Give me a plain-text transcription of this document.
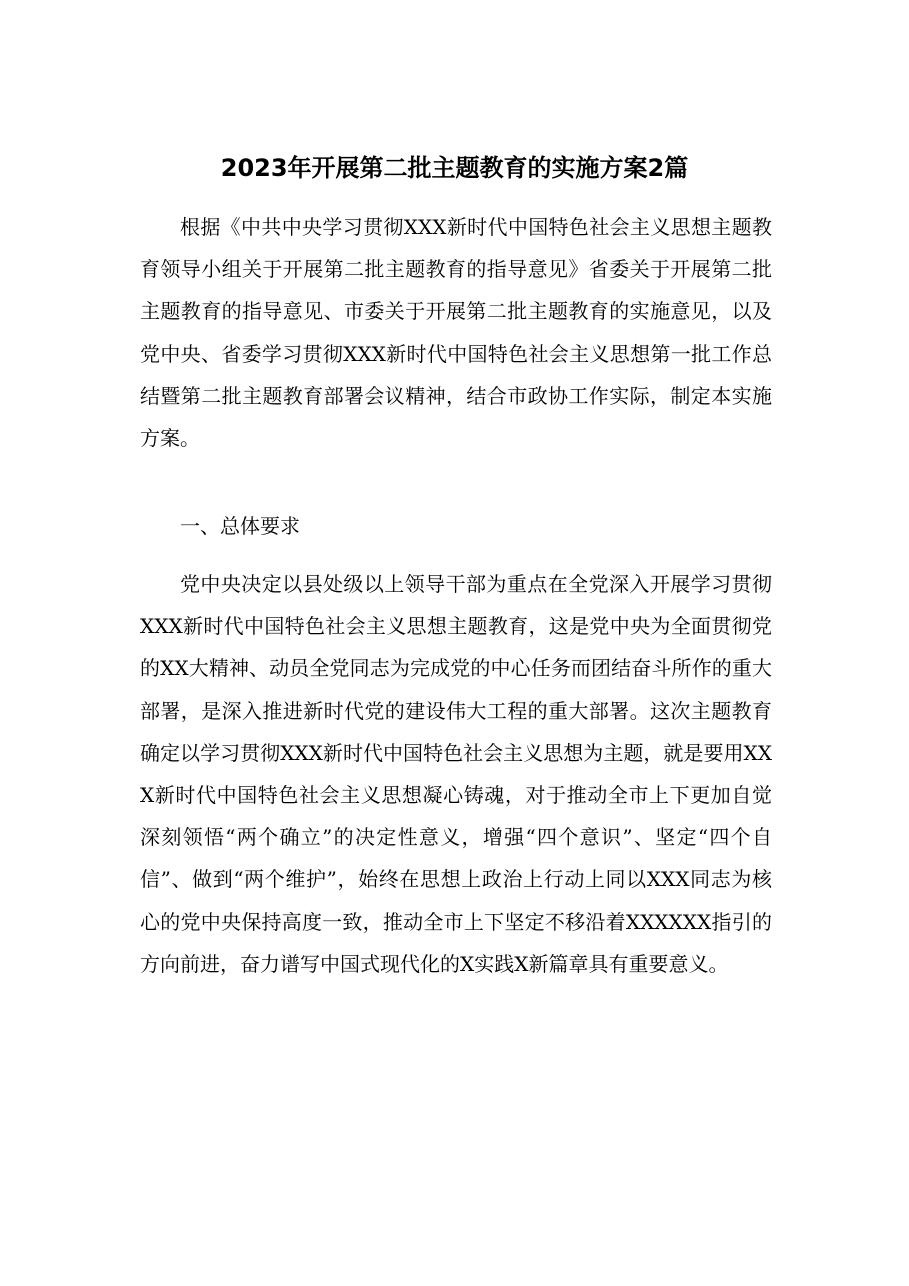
2023年开展第二批主题教育的实施方案2篇

根据《中共中央学习贯彻XXX新时代中国特色社会主义思想主题教育领导小组关于开展第二批主题教育的指导意见》省委关于开展第二批主题教育的指导意见、市委关于开展第二批主题教育的实施意见，以及党中央、省委学习贯彻XXX新时代中国特色社会主义思想第一批工作总结暨第二批主题教育部署会议精神，结合市政协工作实际，制定本实施方案。

一、总体要求

党中央决定以县处级以上领导干部为重点在全党深入开展学习贯彻XXX新时代中国特色社会主义思想主题教育，这是党中央为全面贯彻党的XX大精神、动员全党同志为完成党的中心任务而团结奋斗所作的重大部署，是深入推进新时代党的建设伟大工程的重大部署。这次主题教育确定以学习贯彻XXX新时代中国特色社会主义思想为主题，就是要用XXX新时代中国特色社会主义思想凝心铸魂，对于推动全市上下更加自觉深刻领悟“两个确立”的决定性意义，增强“四个意识”、坚定“四个自信”、做到“两个维护”，始终在思想上政治上行动上同以XXX同志为核心的党中央保持高度一致，推动全市上下坚定不移沿着XXXXXX指引的方向前进，奋力谱写中国式现代化的X实践X新篇章具有重要意义。
